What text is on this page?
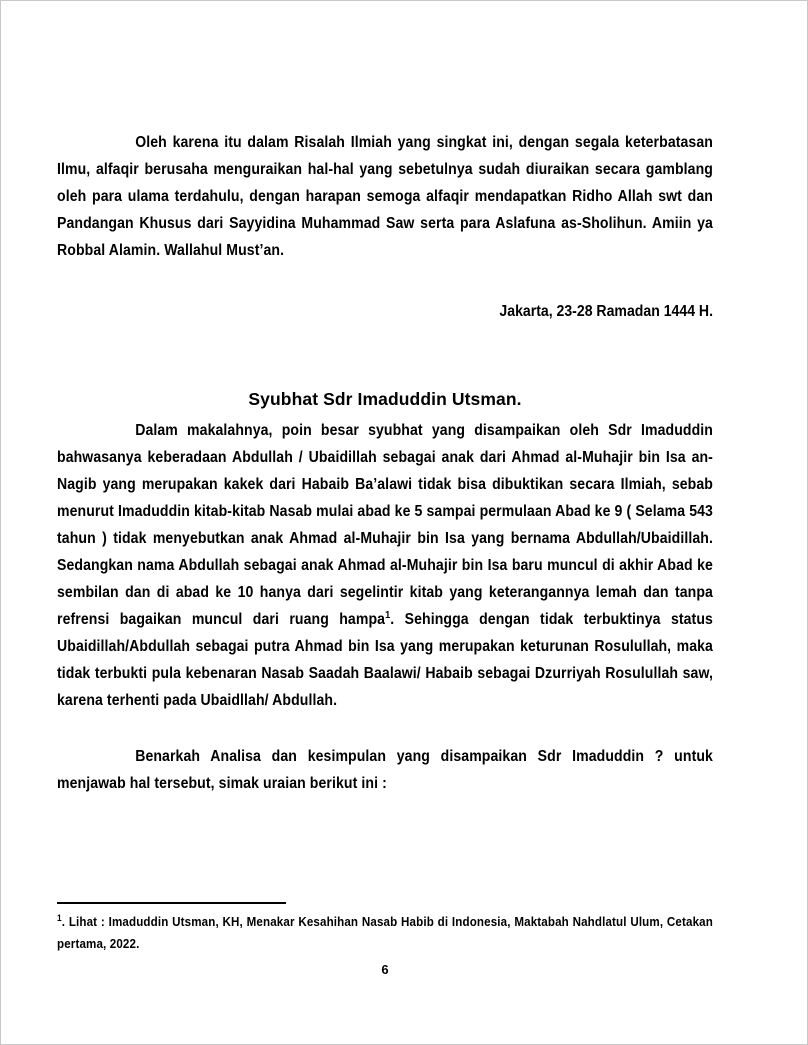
Oleh karena itu dalam Risalah Ilmiah yang singkat ini, dengan segala keterbatasan Ilmu, alfaqir berusaha menguraikan hal-hal yang sebetulnya sudah diuraikan secara gamblang oleh para ulama terdahulu, dengan harapan semoga alfaqir mendapatkan Ridho Allah swt dan Pandangan Khusus dari Sayyidina Muhammad Saw serta para Aslafuna as-Sholihun. Amiin ya Robbal Alamin. Wallahul Must’an.

Jakarta, 23-28 Ramadan 1444 H.
Syubhat Sdr Imaduddin Utsman.

Dalam makalahnya, poin besar syubhat yang disampaikan oleh Sdr Imaduddin bahwasanya keberadaan Abdullah / Ubaidillah sebagai anak dari Ahmad al-Muhajir bin Isa an-Nagib yang merupakan kakek dari Habaib Ba’alawi tidak bisa dibuktikan secara Ilmiah, sebab menurut Imaduddin kitab-kitab Nasab mulai abad ke 5 sampai permulaan Abad ke 9 ( Selama 543 tahun ) tidak menyebutkan anak Ahmad al-Muhajir bin Isa yang bernama Abdullah/Ubaidillah. Sedangkan nama Abdullah sebagai anak Ahmad al-Muhajir bin Isa baru muncul di akhir Abad ke sembilan dan di abad ke 10 hanya dari segelintir kitab yang keterangannya lemah dan tanpa refrensi bagaikan muncul dari ruang hampa$^1$. Sehingga dengan tidak terbuktinya status Ubaidillah/Abdullah sebagai putra Ahmad bin Isa yang merupakan keturunan Rosulullah, maka tidak terbukti pula kebenaran Nasab Saadah Baalawi/ Habaib sebagai Dzurriyah Rosulullah saw, karena terhenti pada Ubaidllah/ Abdullah.

Benarkah Analisa dan kesimpulan yang disampaikan Sdr Imaduddin ? untuk menjawab hal tersebut, simak uraian berikut ini :

$^1$. Lihat : Imaduddin Utsman, KH, Menakar Kesahihan Nasab Habib di Indonesia, Maktabah Nahdlatul Ulum, Cetakan pertama, 2022.

6
